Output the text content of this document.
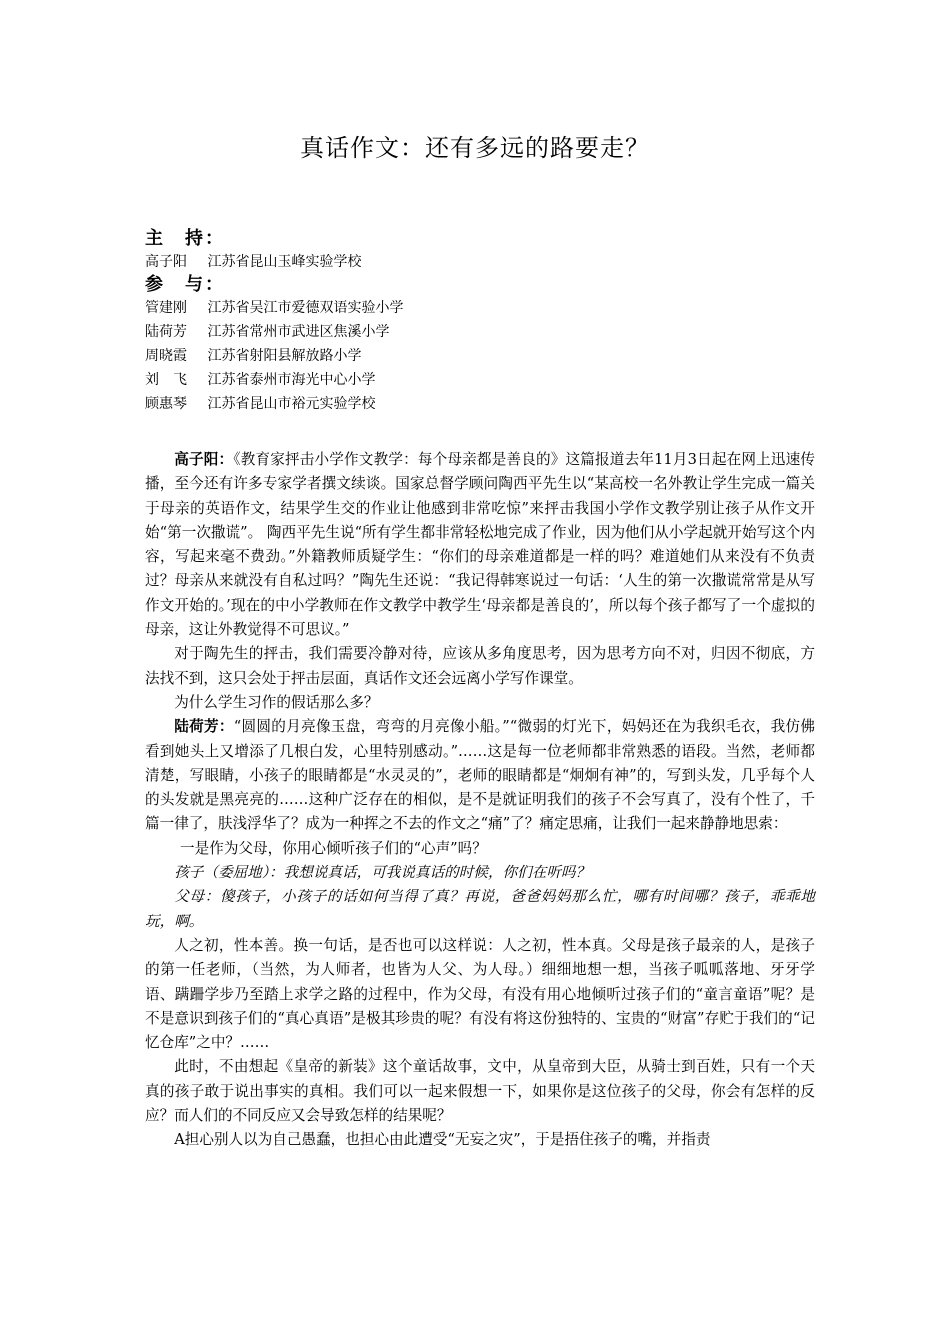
真话作文：还有多远的路要走？
主　持：
高子阳 江苏省昆山玉峰实验学校
参　与：
管建刚 江苏省吴江市爱德双语实验小学
陆荷芳 江苏省常州市武进区焦溪小学
周晓霞 江苏省射阳县解放路小学
刘　飞 江苏省泰州市海光中心小学
顾惠琴 江苏省昆山市裕元实验学校

高子阳：《教育家抨击小学作文教学：每个母亲都是善良的》这篇报道去年11月3日起在网上迅速传播，至今还有许多专家学者撰文续谈。国家总督学顾问陶西平先生以“某高校一名外教让学生完成一篇关于母亲的英语作文，结果学生交的作业让他感到非常吃惊”来抨击我国小学作文教学别让孩子从作文开始“第一次撒谎”。 陶西平先生说“所有学生都非常轻松地完成了作业，因为他们从小学起就开始写这个内容，写起来毫不费劲。”外籍教师质疑学生：“你们的母亲难道都是一样的吗？难道她们从来没有不负责过？母亲从来就没有自私过吗？”陶先生还说：“我记得韩寒说过一句话：‘人生的第一次撒谎常常是从写作文开始的。’现在的中小学教师在作文教学中教学生‘母亲都是善良的’，所以每个孩子都写了一个虚拟的母亲，这让外教觉得不可思议。”

对于陶先生的抨击，我们需要冷静对待，应该从多角度思考，因为思考方向不对，归因不彻底，方法找不到，这只会处于抨击层面，真话作文还会远离小学写作课堂。

为什么学生习作的假话那么多？

陆荷芳：“圆圆的月亮像玉盘，弯弯的月亮像小船。”“微弱的灯光下，妈妈还在为我织毛衣，我仿佛看到她头上又增添了几根白发，心里特别感动。”……这是每一位老师都非常熟悉的语段。当然，老师都清楚，写眼睛，小孩子的眼睛都是“水灵灵的”，老师的眼睛都是“炯炯有神”的，写到头发，几乎每个人的头发就是黑亮亮的……这种广泛存在的相似，是不是就证明我们的孩子不会写真了，没有个性了，千篇一律了，肤浅浮华了？成为一种挥之不去的作文之“痛”了？痛定思痛，让我们一起来静静地思索：

一是作为父母，你用心倾听孩子们的“心声”吗？

孩子（委屈地）：我想说真话，可我说真话的时候，你们在听吗？

父母：傻孩子，小孩子的话如何当得了真？再说，爸爸妈妈那么忙，哪有时间哪？孩子，乖乖地玩，啊。

人之初，性本善。换一句话，是否也可以这样说：人之初，性本真。父母是孩子最亲的人，是孩子的第一任老师，（当然，为人师者，也皆为人父、为人母。）细细地想一想，当孩子呱呱落地、牙牙学语、蹒跚学步乃至踏上求学之路的过程中，作为父母，有没有用心地倾听过孩子们的“童言童语”呢？是不是意识到孩子们的“真心真语”是极其珍贵的呢？有没有将这份独特的、宝贵的“财富”存贮于我们的“记忆仓库”之中？……

此时，不由想起《皇帝的新装》这个童话故事，文中，从皇帝到大臣，从骑士到百姓，只有一个天真的孩子敢于说出事实的真相。我们可以一起来假想一下，如果你是这位孩子的父母，你会有怎样的反应？而人们的不同反应又会导致怎样的结果呢？

A担心别人以为自己愚蠢，也担心由此遭受“无妄之灾”，于是捂住孩子的嘴，并指责
